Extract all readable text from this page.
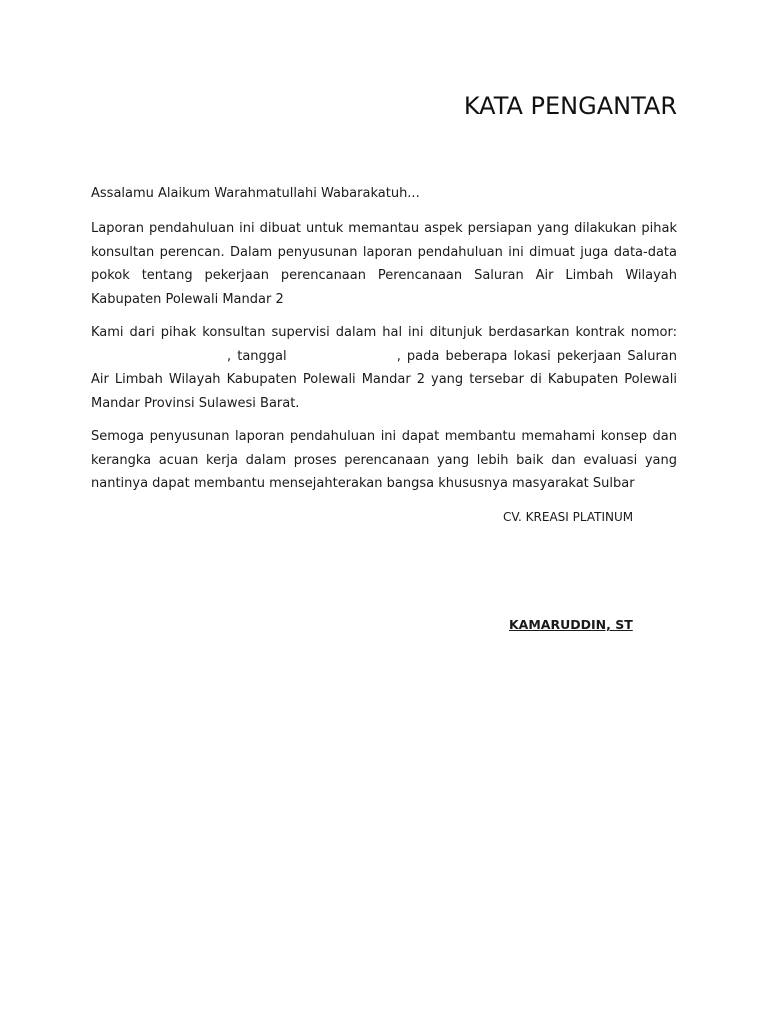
KATA PENGANTAR

Assalamu Alaikum Warahmatullahi Wabarakatuh...

Laporan pendahuluan ini dibuat untuk memantau aspek persiapan yang dilakukan pihak konsultan perencan. Dalam penyusunan laporan pendahuluan ini dimuat juga data-data pokok tentang pekerjaan perencanaan Perencanaan Saluran Air Limbah Wilayah Kabupaten Polewali Mandar 2

Kami dari pihak konsultan supervisi dalam hal ini ditunjuk berdasarkan kontrak nomor: , tanggal	, pada beberapa lokasi pekerjaan Saluran Air Limbah Wilayah Kabupaten Polewali Mandar 2 yang tersebar di Kabupaten Polewali Mandar Provinsi Sulawesi Barat.

Semoga penyusunan laporan pendahuluan ini dapat membantu memahami konsep dan kerangka acuan kerja dalam proses perencanaan yang lebih baik dan evaluasi yang nantinya dapat membantu mensejahterakan bangsa khususnya masyarakat Sulbar

CV. KREASI PLATINUM

KAMARUDDIN, ST
